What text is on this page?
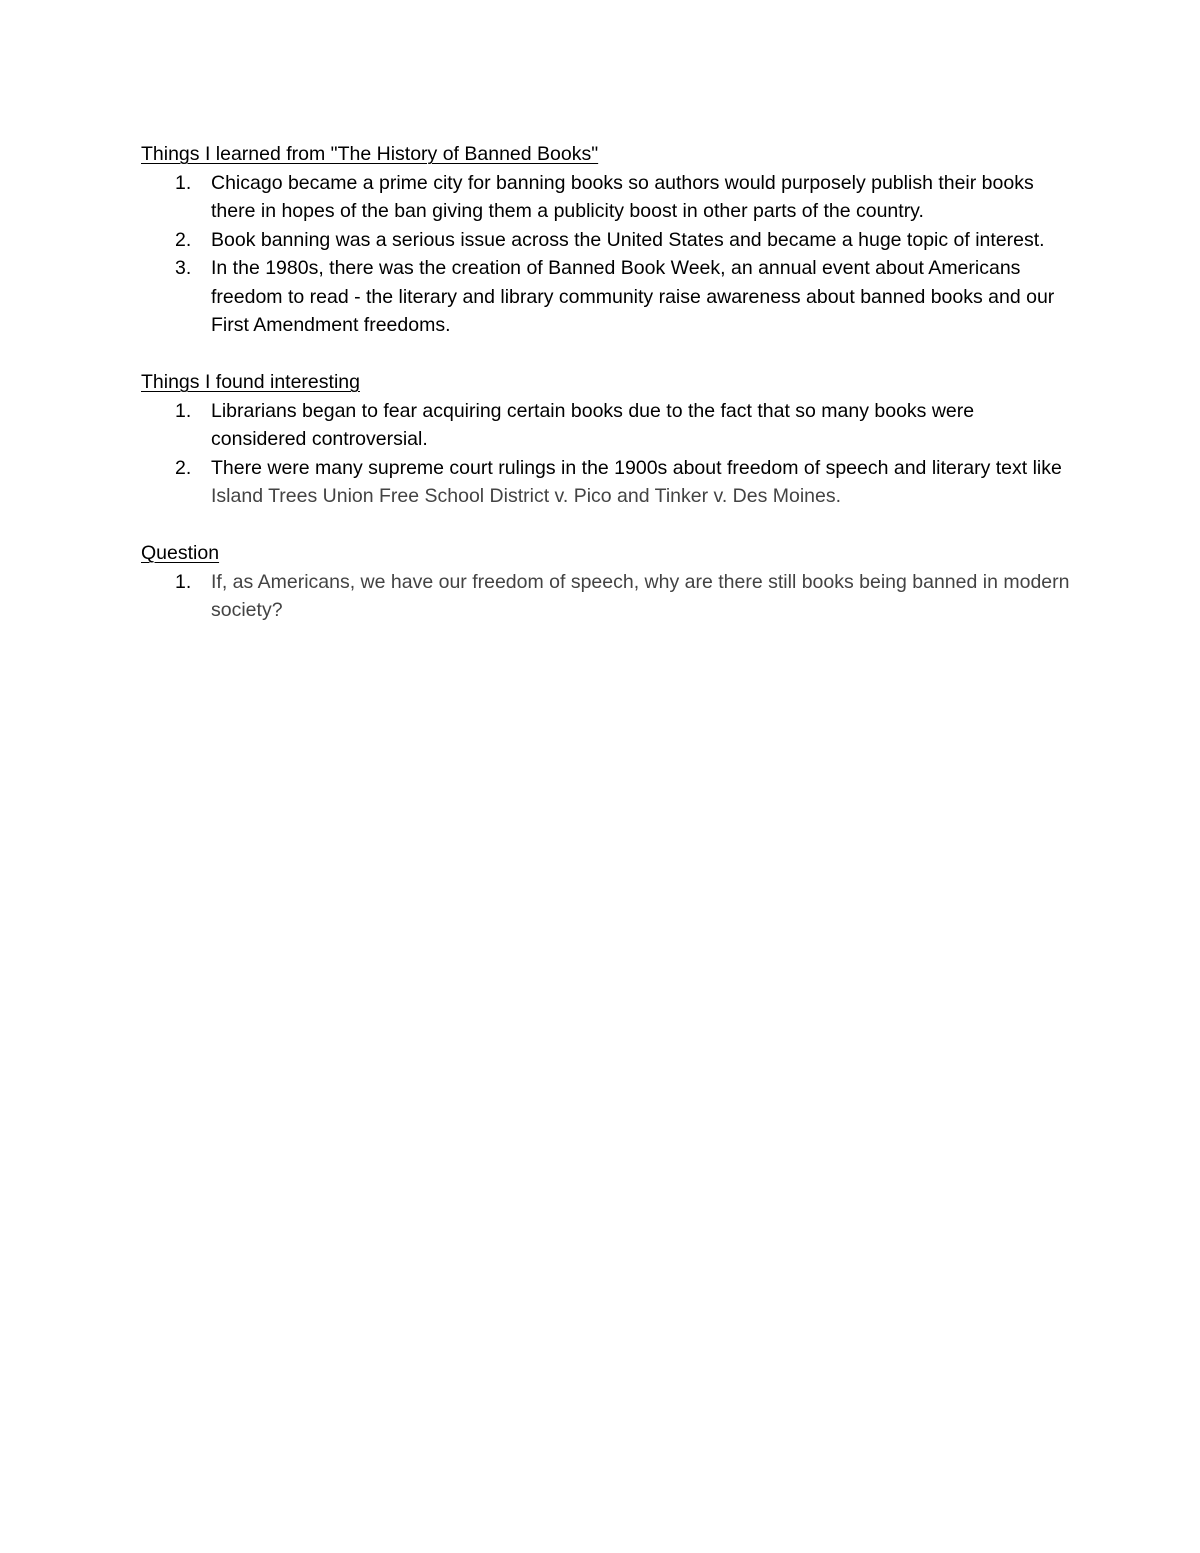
Things I learned from "The History of Banned Books"
1. Chicago became a prime city for banning books so authors would purposely publish their books there in hopes of the ban giving them a publicity boost in other parts of the country.
2. Book banning was a serious issue across the United States and became a huge topic of interest.
3. In the 1980s, there was the creation of Banned Book Week, an annual event about Americans freedom to read - the literary and library community raise awareness about banned books and our First Amendment freedoms.
Things I found interesting
1. Librarians began to fear acquiring certain books due to the fact that so many books were considered controversial.
2. There were many supreme court rulings in the 1900s about freedom of speech and literary text like Island Trees Union Free School District v. Pico and Tinker v. Des Moines.
Question
1. If, as Americans, we have our freedom of speech, why are there still books being banned in modern society?
